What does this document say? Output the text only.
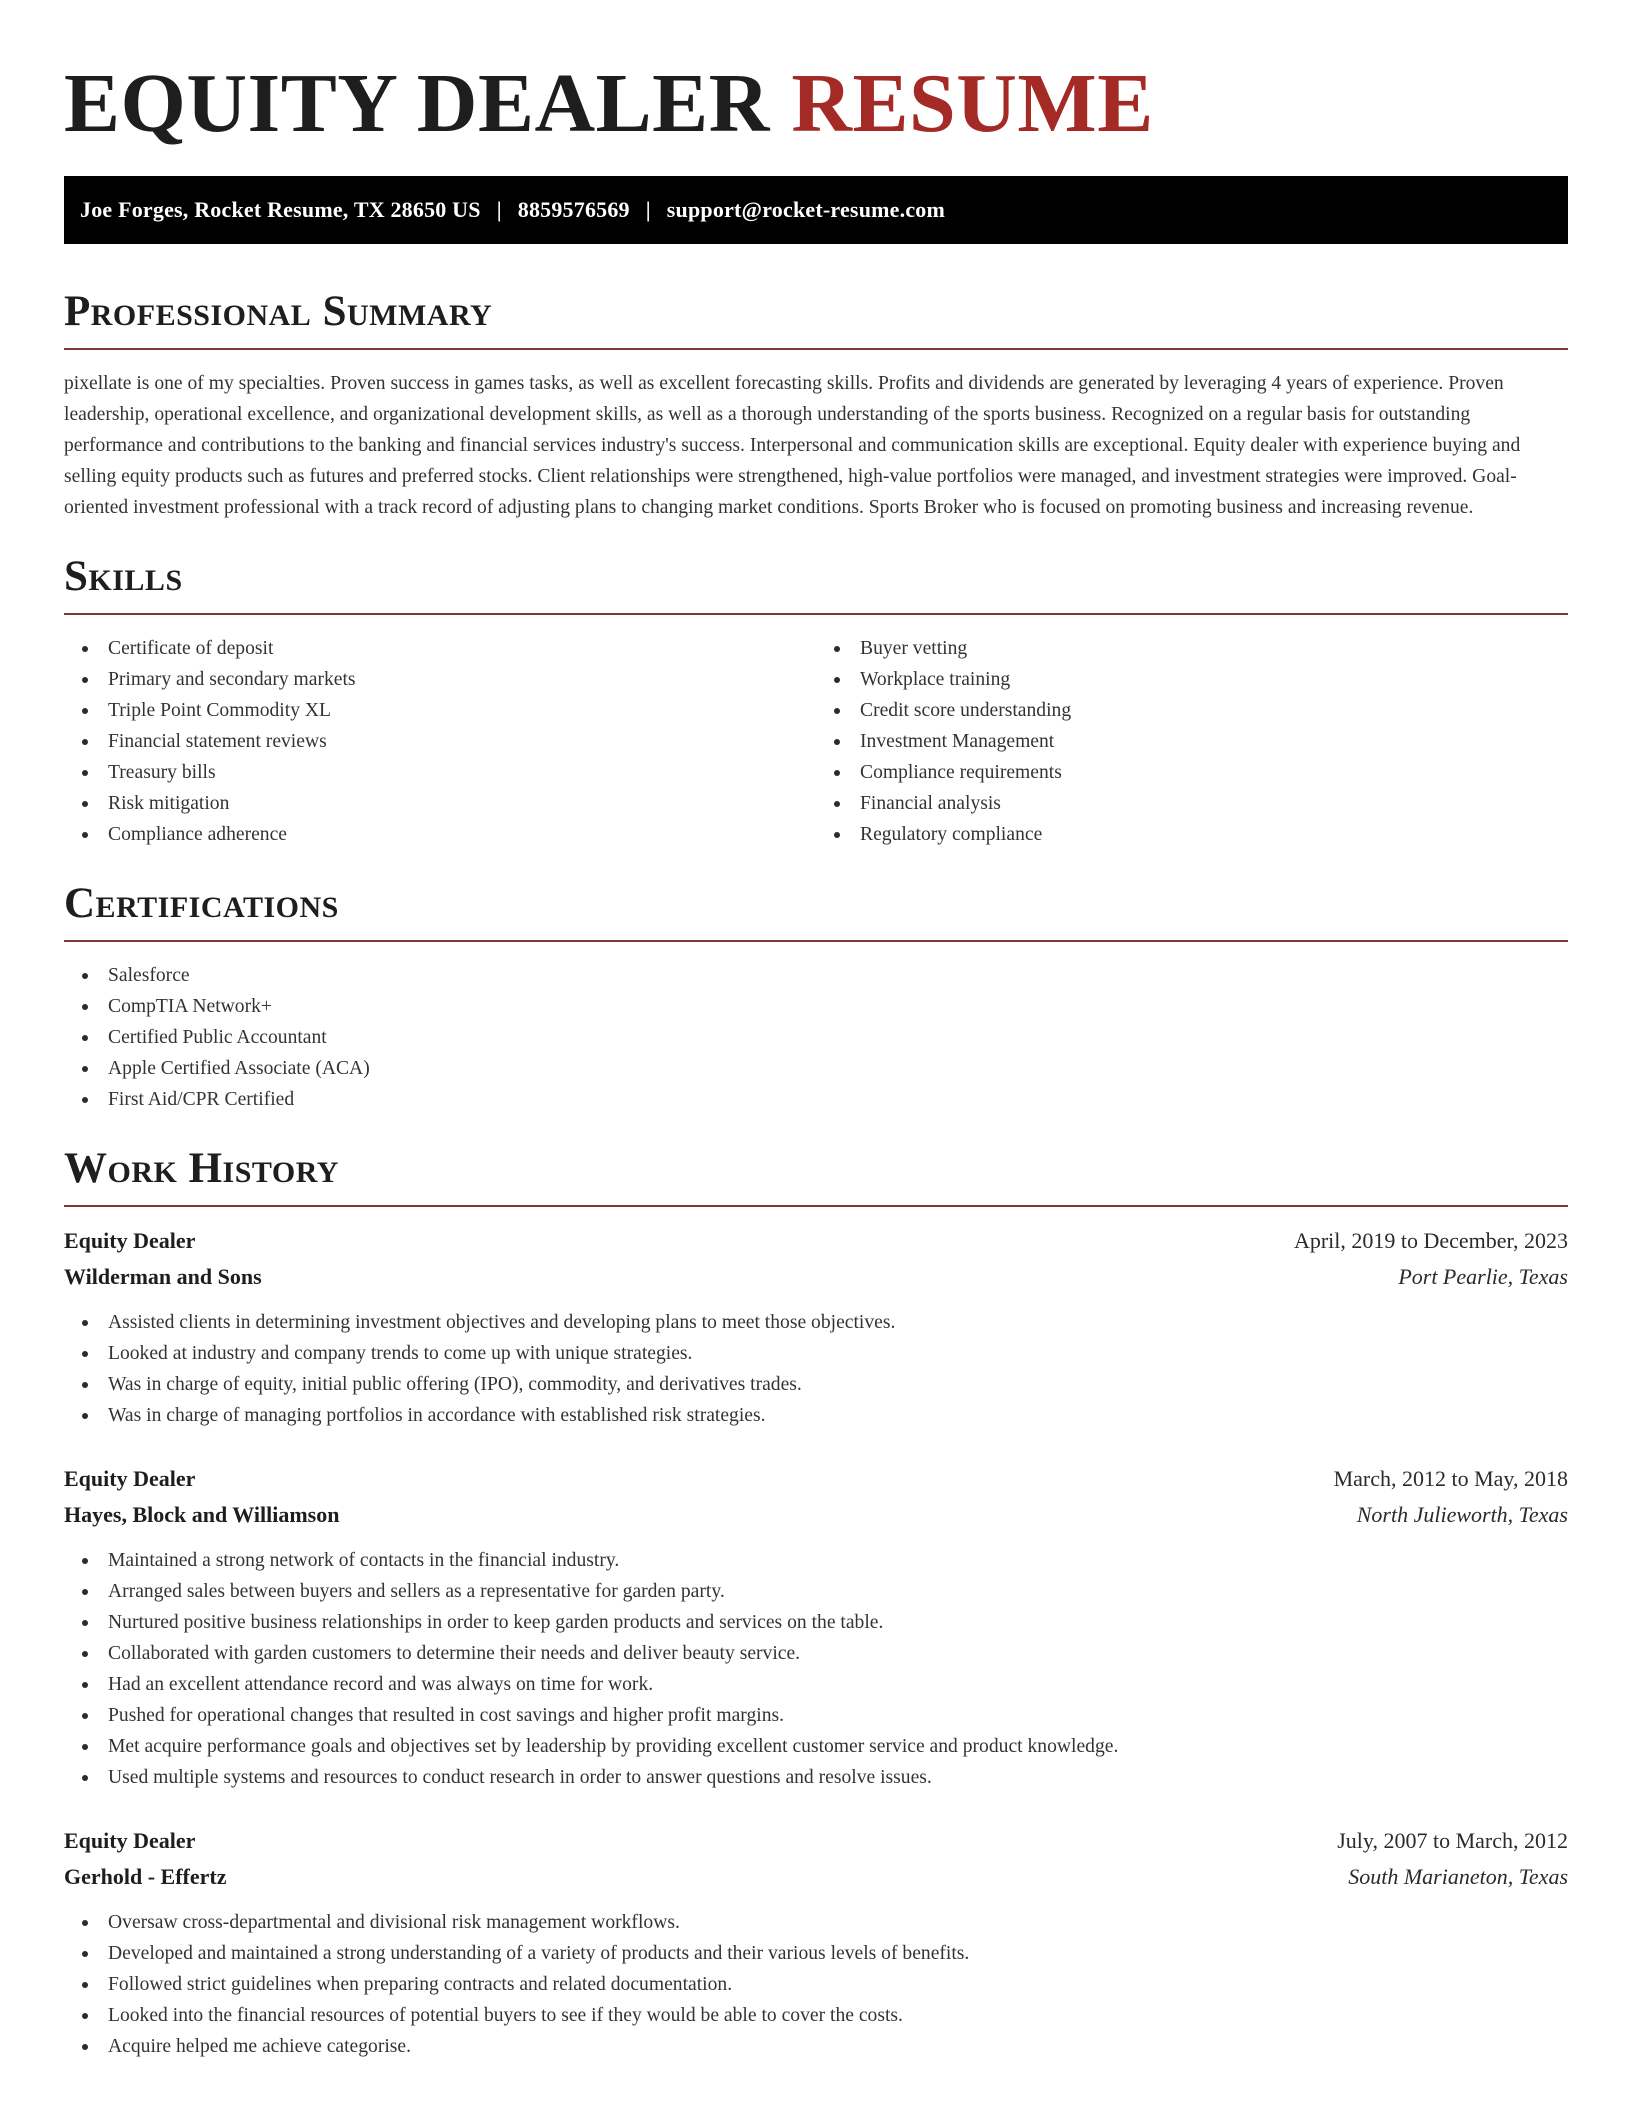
EQUITY DEALER RESUME
Joe Forges, Rocket Resume, TX 28650 US | 8859576569 | support@rocket-resume.com
Professional Summary

pixellate is one of my specialties. Proven success in games tasks, as well as excellent forecasting skills. Profits and dividends are generated by leveraging 4 years of experience. Proven leadership, operational excellence, and organizational development skills, as well as a thorough understanding of the sports business. Recognized on a regular basis for outstanding performance and contributions to the banking and financial services industry's success. Interpersonal and communication skills are exceptional. Equity dealer with experience buying and selling equity products such as futures and preferred stocks. Client relationships were strengthened, high-value portfolios were managed, and investment strategies were improved. Goal-oriented investment professional with a track record of adjusting plans to changing market conditions. Sports Broker who is focused on promoting business and increasing revenue.

Skills
Certificate of deposit
Primary and secondary markets
Triple Point Commodity XL
Financial statement reviews
Treasury bills
Risk mitigation
Compliance adherence
Buyer vetting
Workplace training
Credit score understanding
Investment Management
Compliance requirements
Financial analysis
Regulatory compliance
Certifications
Salesforce
CompTIA Network+
Certified Public Accountant
Apple Certified Associate (ACA)
First Aid/CPR Certified
Work History
Equity Dealer	April, 2019 to December, 2023
Wilderman and Sons	Port Pearlie, Texas
Assisted clients in determining investment objectives and developing plans to meet those objectives.
Looked at industry and company trends to come up with unique strategies.
Was in charge of equity, initial public offering (IPO), commodity, and derivatives trades.
Was in charge of managing portfolios in accordance with established risk strategies.
Equity Dealer	March, 2012 to May, 2018
Hayes, Block and Williamson	North Julieworth, Texas
Maintained a strong network of contacts in the financial industry.
Arranged sales between buyers and sellers as a representative for garden party.
Nurtured positive business relationships in order to keep garden products and services on the table.
Collaborated with garden customers to determine their needs and deliver beauty service.
Had an excellent attendance record and was always on time for work.
Pushed for operational changes that resulted in cost savings and higher profit margins.
Met acquire performance goals and objectives set by leadership by providing excellent customer service and product knowledge.
Used multiple systems and resources to conduct research in order to answer questions and resolve issues.
Equity Dealer	July, 2007 to March, 2012
Gerhold - Effertz	South Marianeton, Texas
Oversaw cross-departmental and divisional risk management workflows.
Developed and maintained a strong understanding of a variety of products and their various levels of benefits.
Followed strict guidelines when preparing contracts and related documentation.
Looked into the financial resources of potential buyers to see if they would be able to cover the costs.
Acquire helped me achieve categorise.
